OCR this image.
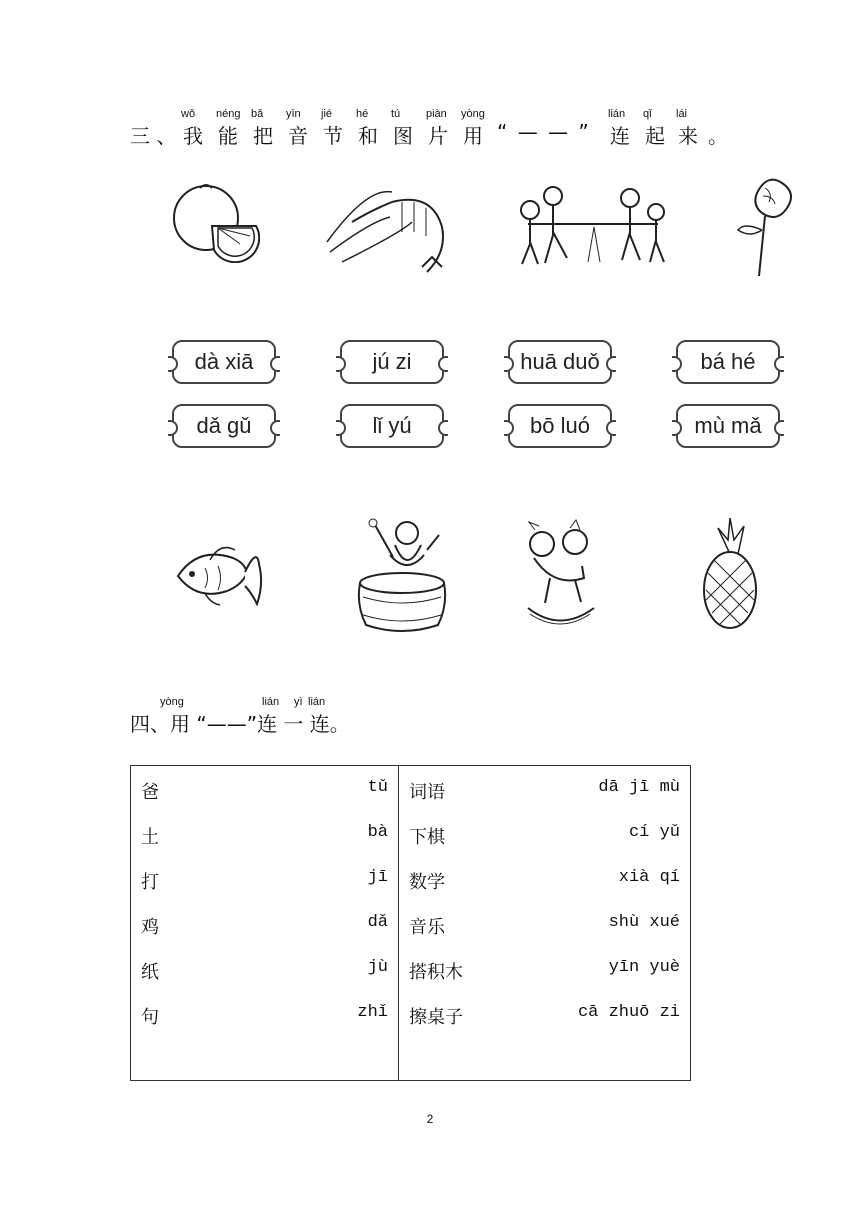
三 、
wǒ
我
néng
能
bǎ
把
yīn
音
jié
节
hé
和
tú
图
piàn
片
yòng
用 “ — — ”
lián
连
qǐ
起
lái
来 。
dà xiā	jú zi	huā duǒ	bá hé
dǎ gǔ	lǐ yú	bō luó	mù mǎ
四、用 “——”连 一 连。
yòng	lián yì lián
爸	tǔ
土	bà
打	jī
鸡	dǎ
纸	jù
句	zhǐ

词语	dā jī mù
下棋	cí yǔ
数学	xià qí
音乐	shù xué
搭积木	yīn yuè
擦桌子	cā zhuō zi
2
